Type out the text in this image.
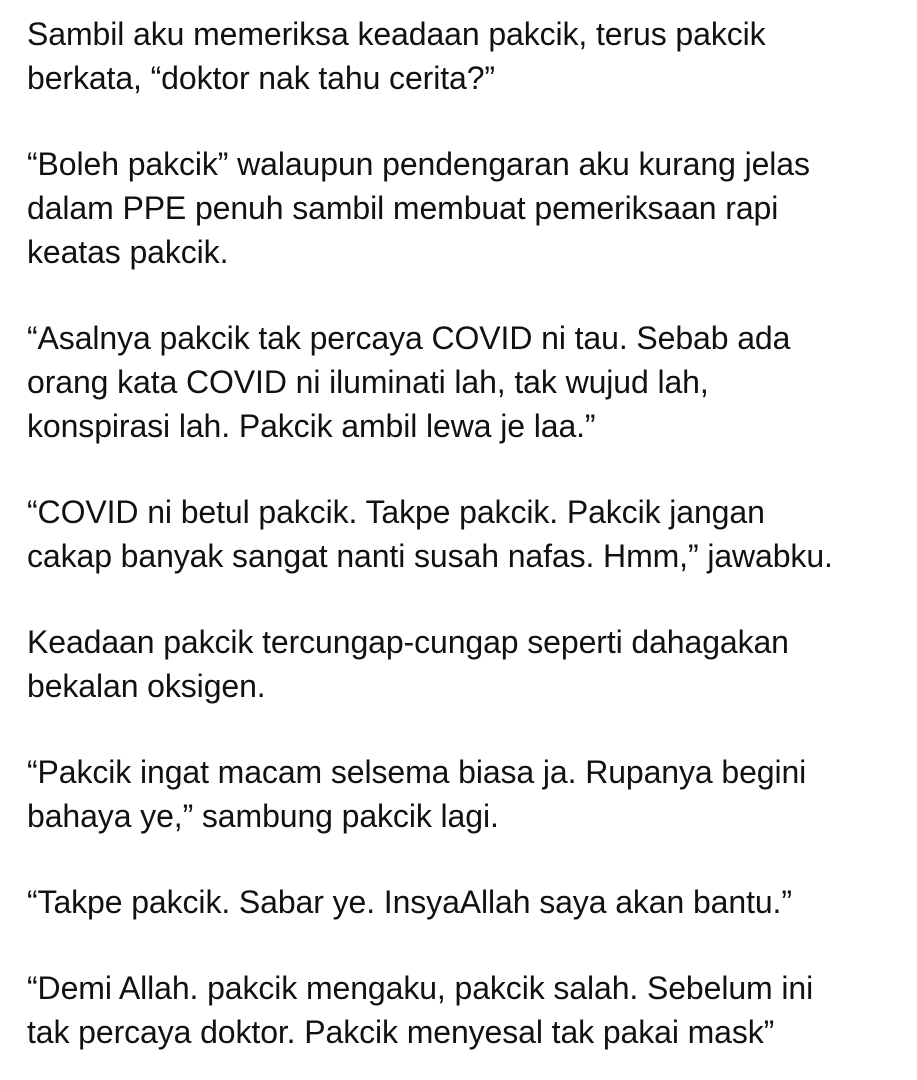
Sambil aku memeriksa keadaan pakcik, terus pakcik
berkata, “doktor nak tahu cerita?”

“Boleh pakcik” walaupun pendengaran aku kurang jelas
dalam PPE penuh sambil membuat pemeriksaan rapi
keatas pakcik.

“Asalnya pakcik tak percaya COVID ni tau. Sebab ada
orang kata COVID ni iluminati lah, tak wujud lah,
konspirasi lah. Pakcik ambil lewa je laa.”

“COVID ni betul pakcik. Takpe pakcik. Pakcik jangan
cakap banyak sangat nanti susah nafas. Hmm,” jawabku.

Keadaan pakcik tercungap-cungap seperti dahagakan
bekalan oksigen.

“Pakcik ingat macam selsema biasa ja. Rupanya begini
bahaya ye,” sambung pakcik lagi.

“Takpe pakcik. Sabar ye. InsyaAllah saya akan bantu.”

“Demi Allah. pakcik mengaku, pakcik salah. Sebelum ini
tak percaya doktor. Pakcik menyesal tak pakai mask”
